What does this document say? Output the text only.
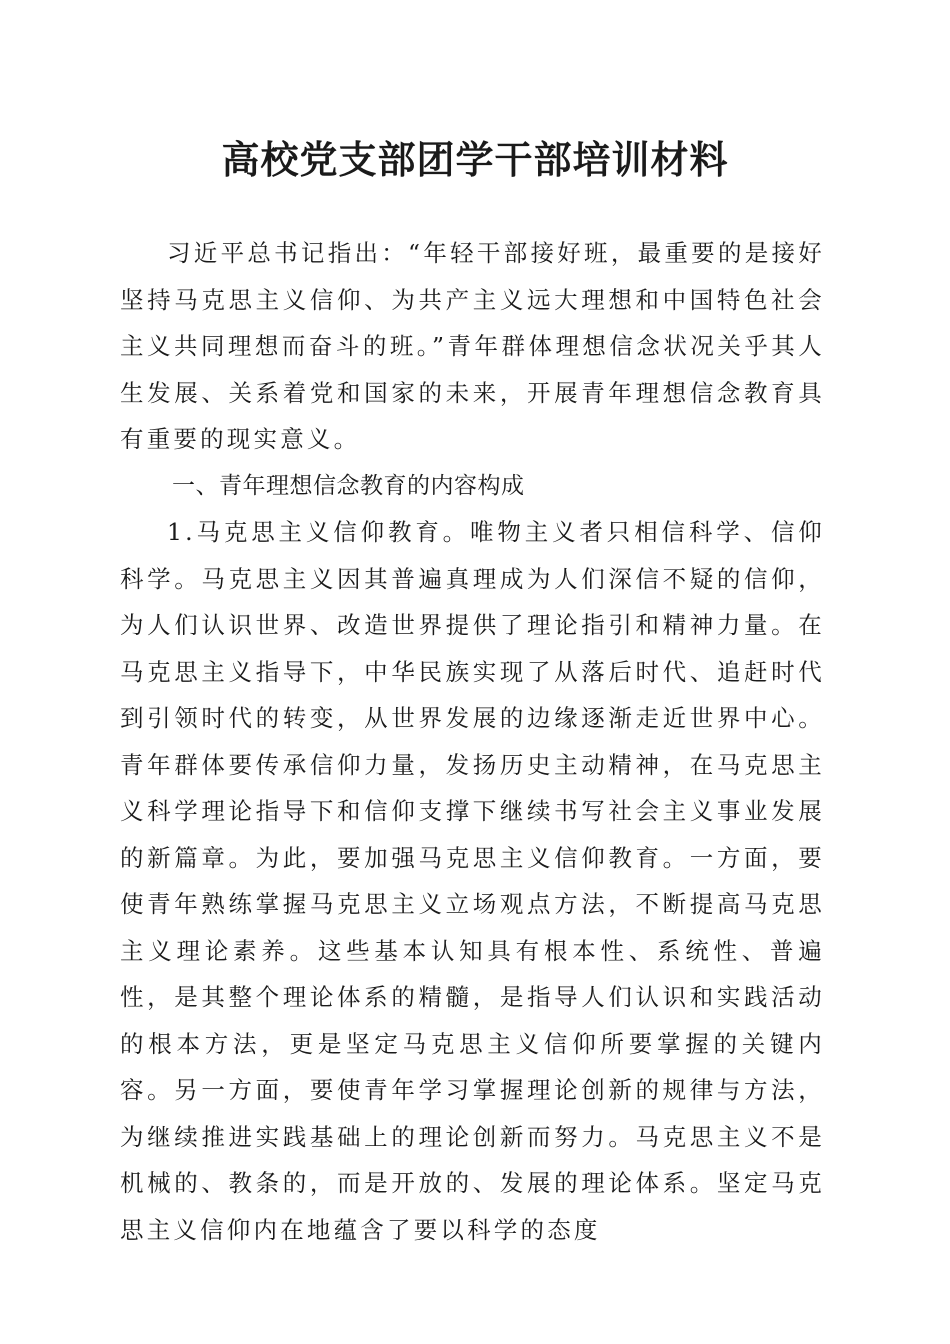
高校党支部团学干部培训材料

习近平总书记指出：“年轻干部接好班，最重要的是接好坚持马克思主义信仰、为共产主义远大理想和中国特色社会主义共同理想而奋斗的班。”青年群体理想信念状况关乎其人生发展、关系着党和国家的未来，开展青年理想信念教育具有重要的现实意义。

一、青年理想信念教育的内容构成

1.马克思主义信仰教育。唯物主义者只相信科学、信仰科学。马克思主义因其普遍真理成为人们深信不疑的信仰，为人们认识世界、改造世界提供了理论指引和精神力量。在马克思主义指导下，中华民族实现了从落后时代、追赶时代到引领时代的转变，从世界发展的边缘逐渐走近世界中心。青年群体要传承信仰力量，发扬历史主动精神，在马克思主义科学理论指导下和信仰支撑下继续书写社会主义事业发展的新篇章。为此，要加强马克思主义信仰教育。一方面，要使青年熟练掌握马克思主义立场观点方法，不断提高马克思主义理论素养。这些基本认知具有根本性、系统性、普遍性，是其整个理论体系的精髓，是指导人们认识和实践活动的根本方法，更是坚定马克思主义信仰所要掌握的关键内容。另一方面，要使青年学习掌握理论创新的规律与方法，为继续推进实践基础上的理论创新而努力。马克思主义不是机械的、教条的，而是开放的、发展的理论体系。坚定马克思主义信仰内在地蕴含了要以科学的态度
